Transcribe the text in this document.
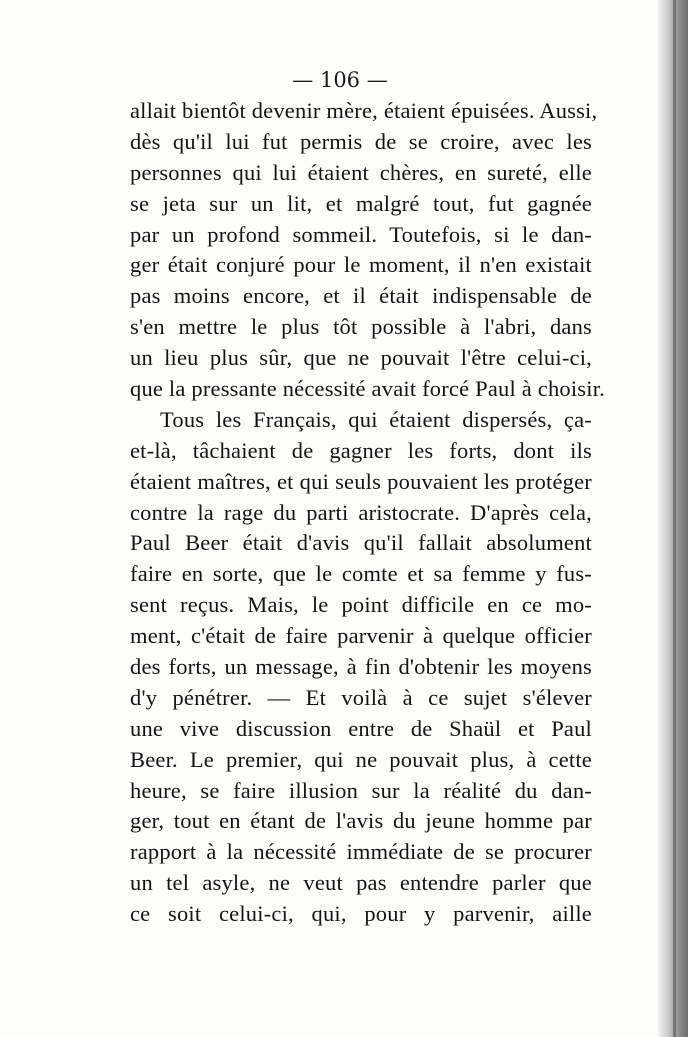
— 106 —
allait bientôt devenir mère, étaient épuisées. Aussi,
dès qu'il lui fut permis de se croire, avec les
personnes qui lui étaient chères, en sureté, elle
se jeta sur un lit, et malgré tout, fut gagnée
par un profond sommeil. Toutefois, si le dan-
ger était conjuré pour le moment, il n'en existait
pas moins encore, et il était indispensable de
s'en mettre le plus tôt possible à l'abri, dans
un lieu plus sûr, que ne pouvait l'être celui-ci,
que la pressante nécessité avait forcé Paul à choisir.
Tous les Français, qui étaient dispersés, ça-
et-là, tâchaient de gagner les forts, dont ils
étaient maîtres, et qui seuls pouvaient les protéger
contre la rage du parti aristocrate. D'après cela,
Paul Beer était d'avis qu'il fallait absolument
faire en sorte, que le comte et sa femme y fus-
sent reçus. Mais, le point difficile en ce mo-
ment, c'était de faire parvenir à quelque officier
des forts, un message, à fin d'obtenir les moyens
d'y pénétrer. — Et voilà à ce sujet s'élever
une vive discussion entre de Shaül et Paul
Beer. Le premier, qui ne pouvait plus, à cette
heure, se faire illusion sur la réalité du dan-
ger, tout en étant de l'avis du jeune homme par
rapport à la nécessité immédiate de se procurer
un tel asyle, ne veut pas entendre parler que
ce soit celui-ci, qui, pour y parvenir, aille
